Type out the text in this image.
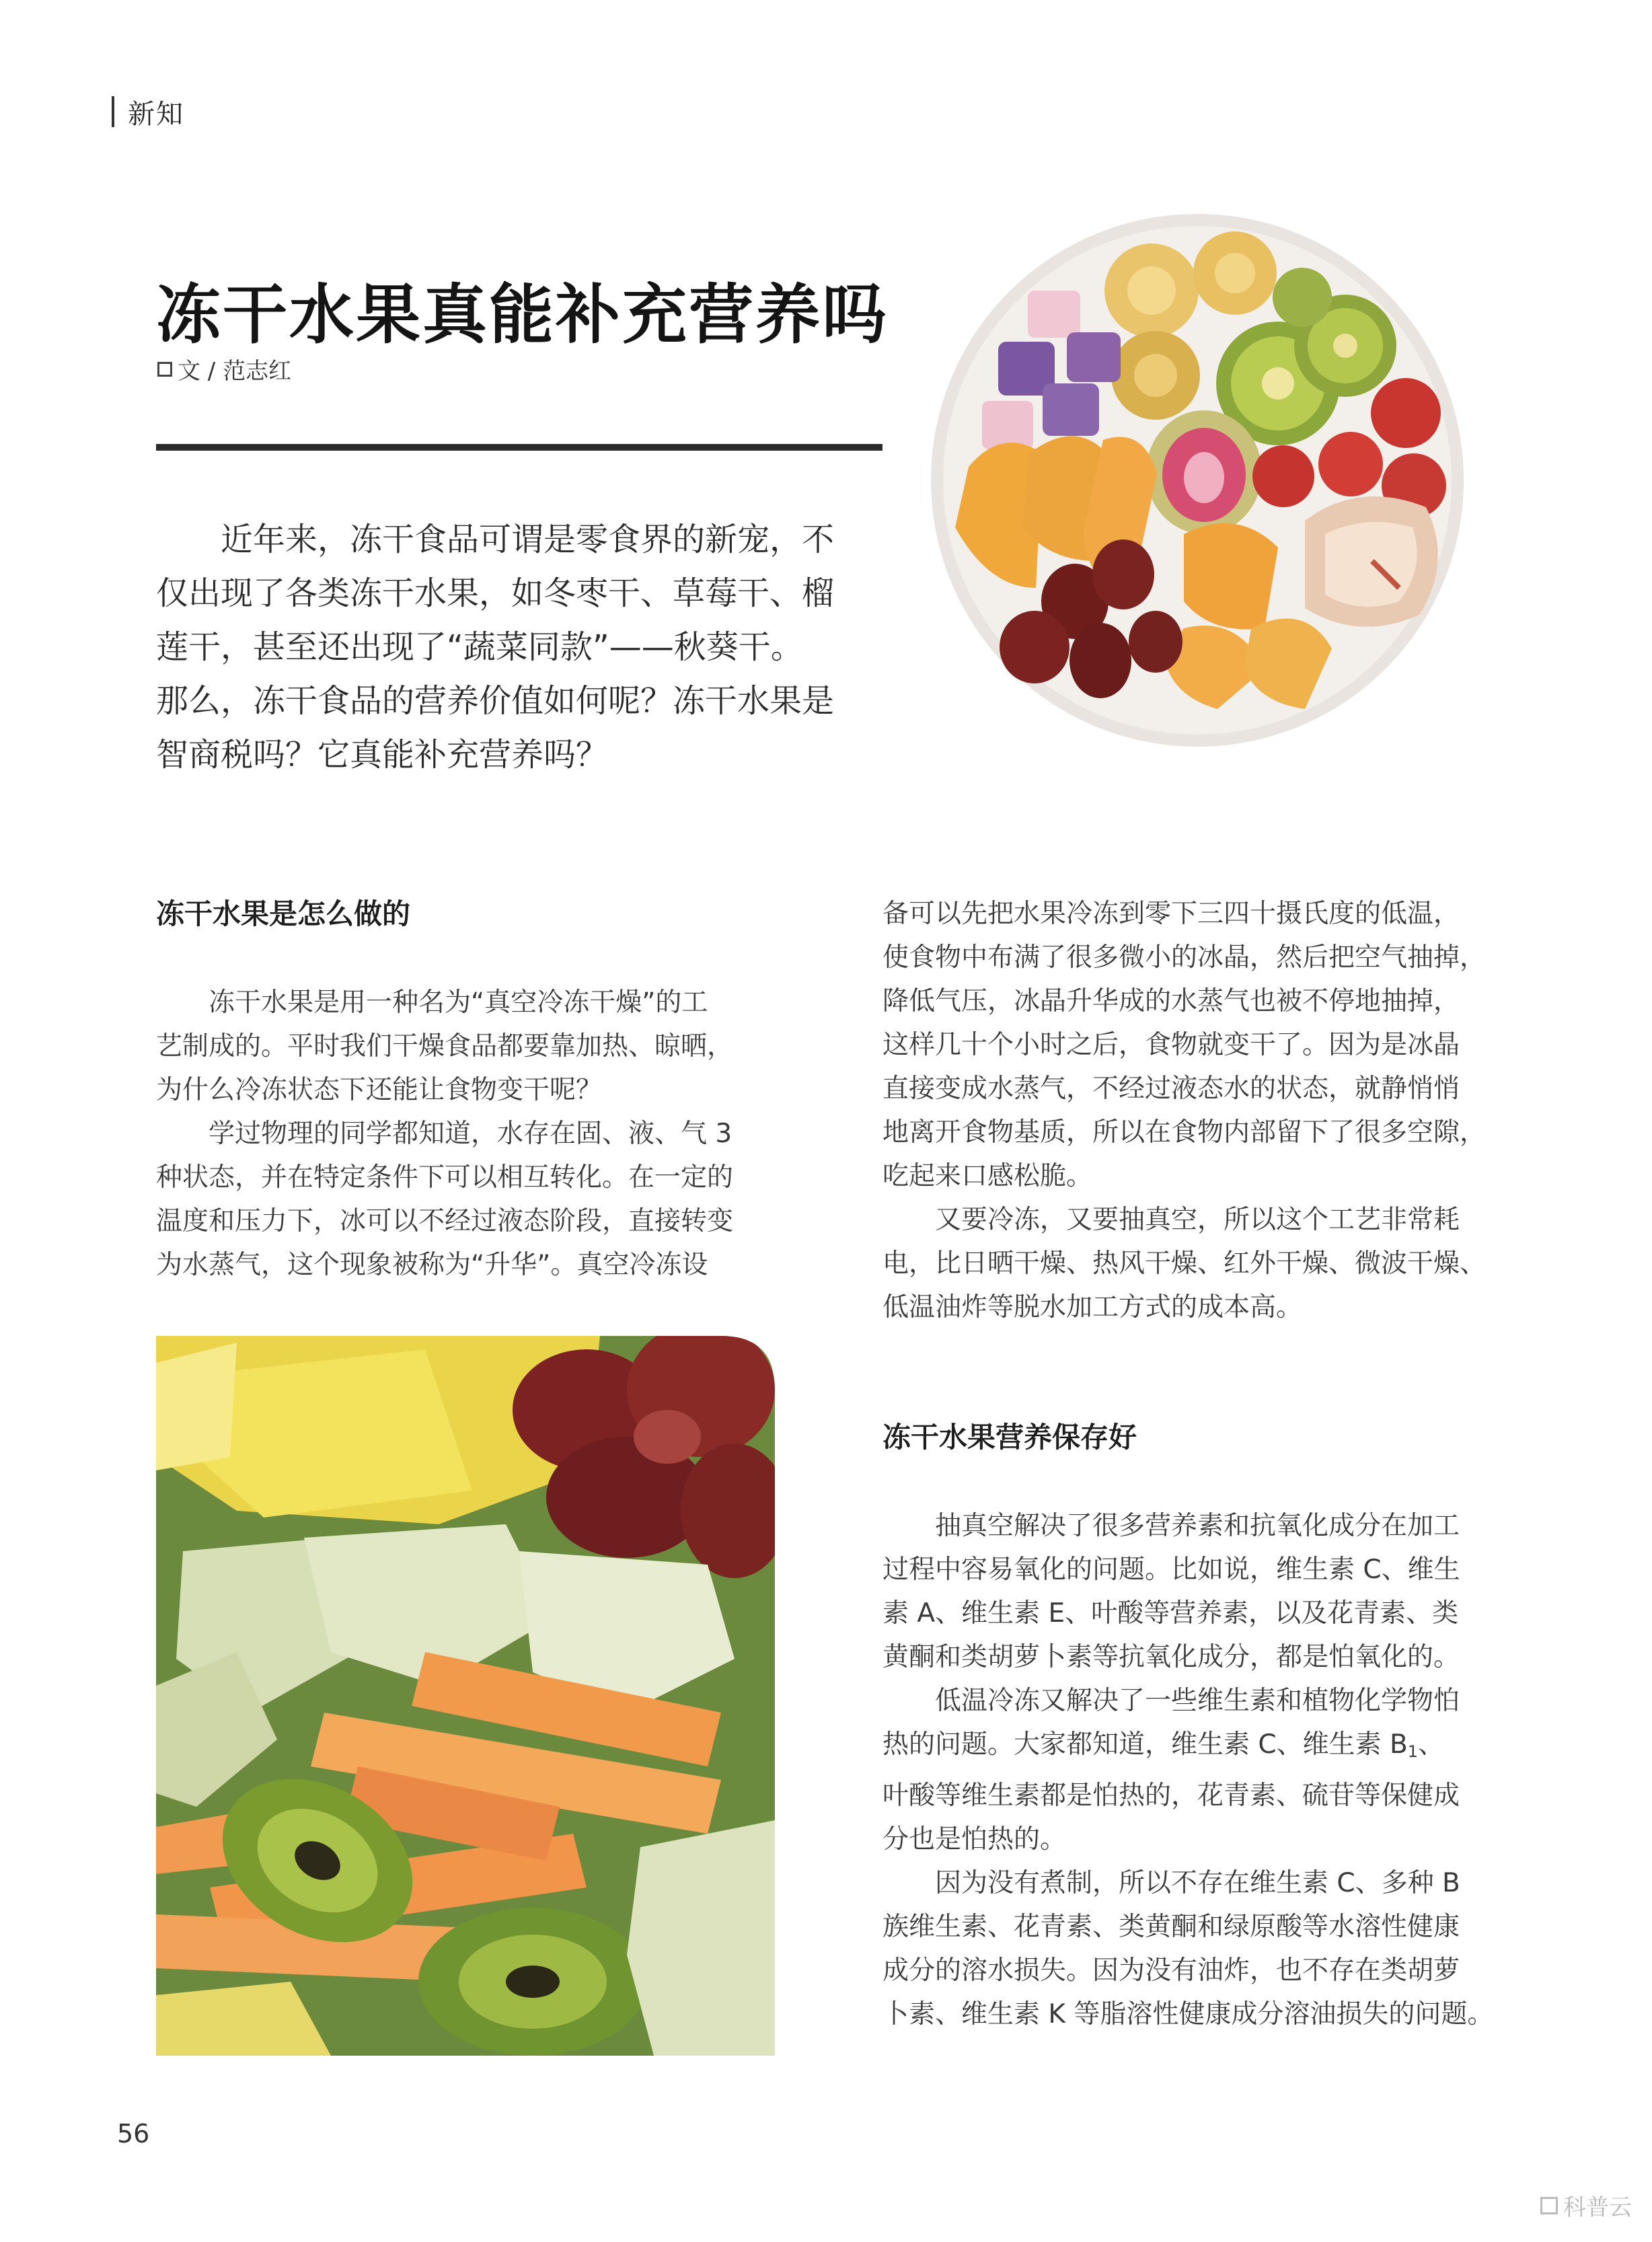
新知
冻干水果真能补充营养吗
文 / 范志红
近年来，冻干食品可谓是零食界的新宠，不
仅出现了各类冻干水果，如冬枣干、草莓干、榴
莲干，甚至还出现了“蔬菜同款”——秋葵干。
那么，冻干食品的营养价值如何呢？冻干水果是
智商税吗？它真能补充营养吗？
冻干水果是怎么做的
冻干水果是用一种名为“真空冷冻干燥”的工
艺制成的。平时我们干燥食品都要靠加热、晾晒，
为什么冷冻状态下还能让食物变干呢？
学过物理的同学都知道，水存在固、液、气 3
种状态，并在特定条件下可以相互转化。在一定的
温度和压力下，冰可以不经过液态阶段，直接转变
为水蒸气，这个现象被称为“升华”。真空冷冻设
备可以先把水果冷冻到零下三四十摄氏度的低温，
使食物中布满了很多微小的冰晶，然后把空气抽掉，
降低气压，冰晶升华成的水蒸气也被不停地抽掉，
这样几十个小时之后，食物就变干了。因为是冰晶
直接变成水蒸气，不经过液态水的状态，就静悄悄
地离开食物基质，所以在食物内部留下了很多空隙，
吃起来口感松脆。
又要冷冻，又要抽真空，所以这个工艺非常耗
电，比日晒干燥、热风干燥、红外干燥、微波干燥、
低温油炸等脱水加工方式的成本高。
冻干水果营养保存好
抽真空解决了很多营养素和抗氧化成分在加工
过程中容易氧化的问题。比如说，维生素 C、维生
素 A、维生素 E、叶酸等营养素，以及花青素、类
黄酮和类胡萝卜素等抗氧化成分，都是怕氧化的。
低温冷冻又解决了一些维生素和植物化学物怕
热的问题。大家都知道，维生素 C、维生素 $B_1$、
叶酸等维生素都是怕热的，花青素、硫苷等保健成
分也是怕热的。
因为没有煮制，所以不存在维生素 C、多种 B
族维生素、花青素、类黄酮和绿原酸等水溶性健康
成分的溶水损失。因为没有油炸，也不存在类胡萝
卜素、维生素 K 等脂溶性健康成分溶油损失的问题。
56
科普云
